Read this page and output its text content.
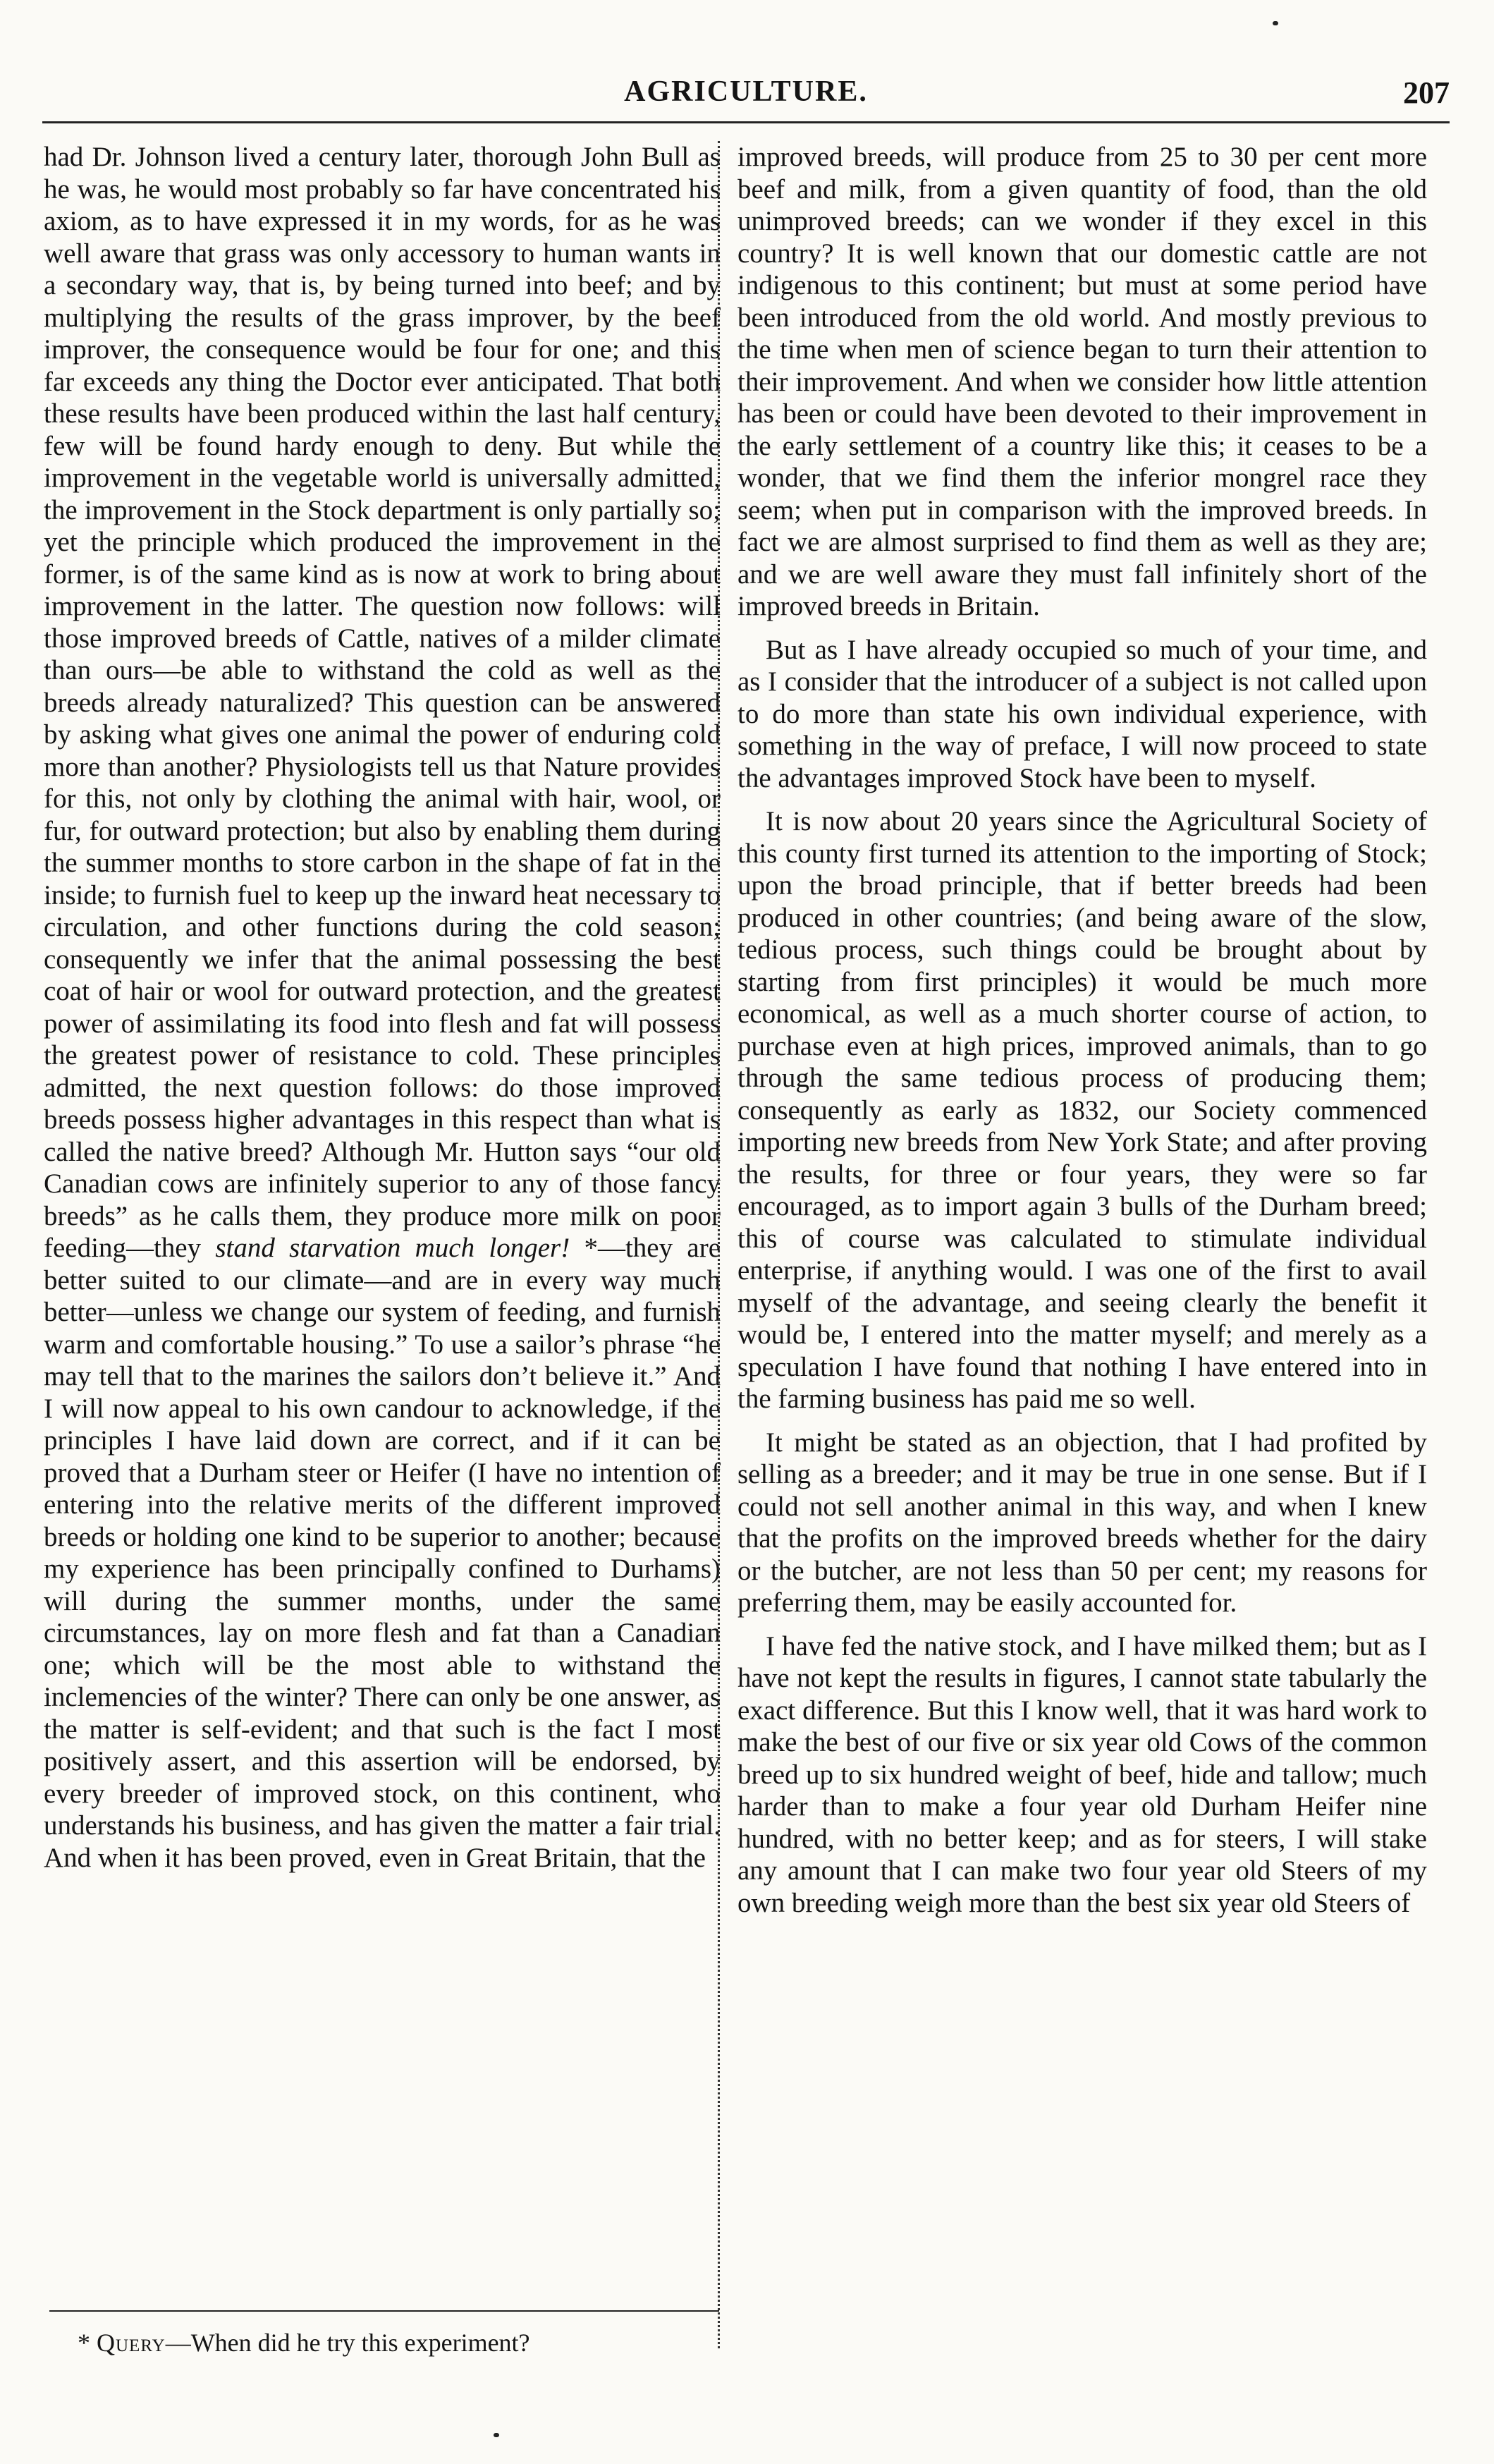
AGRICULTURE.	207

had Dr. Johnson lived a century later, thorough John Bull as he was, he would most probably so far have concentrated his axiom, as to have expressed it in my words, for as he was well aware that grass was only accessory to human wants in a secondary way, that is, by being turned into beef; and by multiplying the results of the grass improver, by the beef improver, the consequence would be four for one; and this far exceeds any thing the Doctor ever anticipated. That both these results have been produced within the last half century, few will be found hardy enough to deny. But while the improvement in the vegetable world is universally admitted, the improvement in the Stock department is only partially so; yet the principle which produced the improvement in the former, is of the same kind as is now at work to bring about improvement in the latter. The question now follows: will those improved breeds of Cattle, natives of a milder climate than ours—be able to withstand the cold as well as the breeds already naturalized? This question can be answered by asking what gives one animal the power of enduring cold more than another? Physiologists tell us that Nature provides for this, not only by clothing the animal with hair, wool, or fur, for outward protection; but also by enabling them during the summer months to store carbon in the shape of fat in the inside; to furnish fuel to keep up the inward heat necessary to circulation, and other functions during the cold season; consequently we infer that the animal possessing the best coat of hair or wool for outward protection, and the greatest power of assimilating its food into flesh and fat will possess the greatest power of resistance to cold. These principles admitted, the next question follows: do those improved breeds possess higher advantages in this respect than what is called the native breed? Although Mr. Hutton says “our old Canadian cows are infinitely superior to any of those fancy breeds” as he calls them, they produce more milk on poor feeding—they stand starvation much longer! *—they are better suited to our climate—and are in every way much better—unless we change our system of feeding, and furnish warm and comfortable housing.” To use a sailor’s phrase “he may tell that to the marines the sailors don’t believe it.” And I will now appeal to his own candour to acknowledge, if the principles I have laid down are correct, and if it can be proved that a Durham steer or Heifer (I have no intention of entering into the relative merits of the different improved breeds or holding one kind to be superior to another; because my experience has been principally confined to Durhams) will during the summer months, under the same circumstances, lay on more flesh and fat than a Canadian one; which will be the most able to withstand the inclemencies of the winter? There can only be one answer, as the matter is self-evident; and that such is the fact I most positively assert, and this assertion will be endorsed, by every breeder of improved stock, on this continent, who understands his business, and has given the matter a fair trial. And when it has been proved, even in Great Britain, that the

improved breeds, will produce from 25 to 30 per cent more beef and milk, from a given quantity of food, than the old unimproved breeds; can we wonder if they excel in this country? It is well known that our domestic cattle are not indigenous to this continent; but must at some period have been introduced from the old world. And mostly previous to the time when men of science began to turn their attention to their improvement. And when we consider how little attention has been or could have been devoted to their improvement in the early settlement of a country like this; it ceases to be a wonder, that we find them the inferior mongrel race they seem; when put in comparison with the improved breeds. In fact we are almost surprised to find them as well as they are; and we are well aware they must fall infinitely short of the improved breeds in Britain.

But as I have already occupied so much of your time, and as I consider that the introducer of a subject is not called upon to do more than state his own individual experience, with something in the way of preface, I will now proceed to state the advantages improved Stock have been to myself.

It is now about 20 years since the Agricultural Society of this county first turned its attention to the importing of Stock; upon the broad principle, that if better breeds had been produced in other countries; (and being aware of the slow, tedious process, such things could be brought about by starting from first principles) it would be much more economical, as well as a much shorter course of action, to purchase even at high prices, improved animals, than to go through the same tedious process of producing them; consequently as early as 1832, our Society commenced importing new breeds from New York State; and after proving the results, for three or four years, they were so far encouraged, as to import again 3 bulls of the Durham breed; this of course was calculated to stimulate individual enterprise, if anything would. I was one of the first to avail myself of the advantage, and seeing clearly the benefit it would be, I entered into the matter myself; and merely as a speculation I have found that nothing I have entered into in the farming business has paid me so well.

It might be stated as an objection, that I had profited by selling as a breeder; and it may be true in one sense. But if I could not sell another animal in this way, and when I knew that the profits on the improved breeds whether for the dairy or the butcher, are not less than 50 per cent; my reasons for preferring them, may be easily accounted for.

I have fed the native stock, and I have milked them; but as I have not kept the results in figures, I cannot state tabularly the exact difference. But this I know well, that it was hard work to make the best of our five or six year old Cows of the common breed up to six hundred weight of beef, hide and tallow; much harder than to make a four year old Durham Heifer nine hundred, with no better keep; and as for steers, I will stake any amount that I can make two four year old Steers of my own breeding weigh more than the best six year old Steers of

* Query—When did he try this experiment?
